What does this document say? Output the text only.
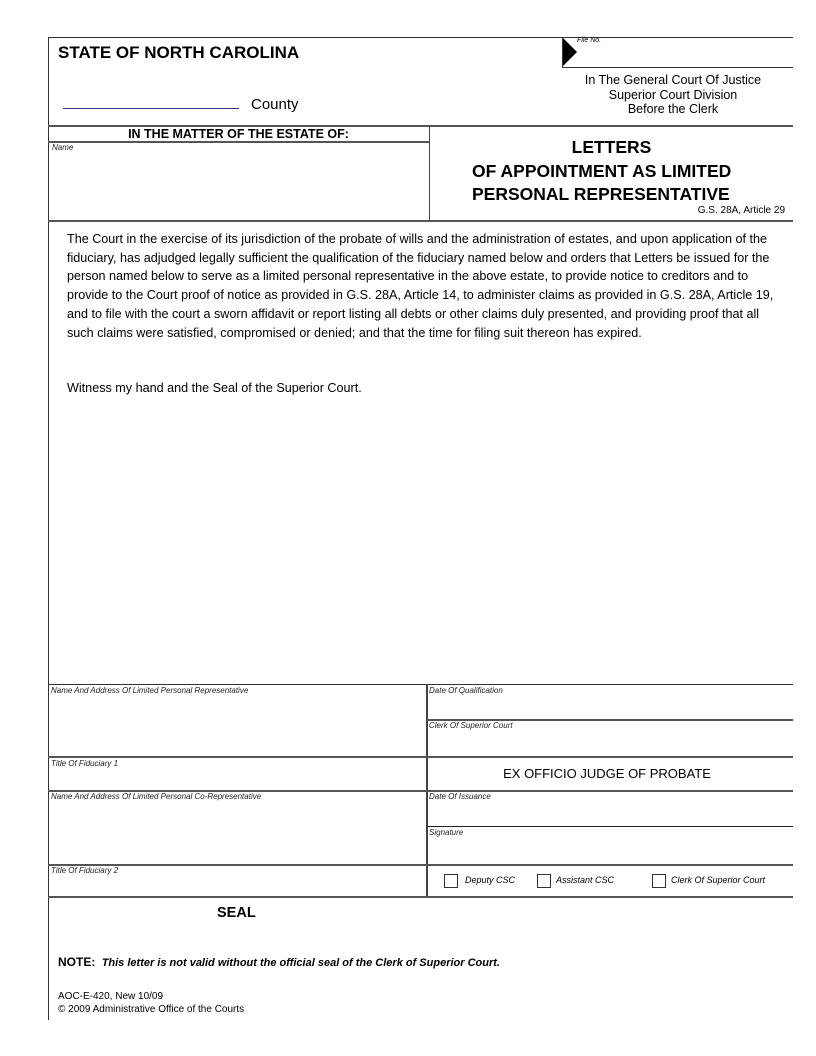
STATE OF NORTH CAROLINA
County
File No.
In The General Court Of Justice
Superior Court Division
Before the Clerk
IN THE MATTER OF THE ESTATE OF:
Name	LETTERS
OF APPOINTMENT AS LIMITED
PERSONAL REPRESENTATIVE
G.S. 28A, Article 29

The Court in the exercise of its jurisdiction of the probate of wills and the administration of estates, and upon application of the fiduciary, has adjudged legally sufficient the qualification of the fiduciary named below and orders that Letters be issued for the person named below to serve as a limited personal representative in the above estate, to provide notice to creditors and to provide to the Court proof of notice as provided in G.S. 28A, Article 14, to administer claims as provided in G.S. 28A, Article 19, and to file with the court a sworn affidavit or report listing all debts or other claims duly presented, and providing proof that all such claims were satisfied, compromised or denied; and that the time for filing suit thereon has expired.

Witness my hand and the Seal of the Superior Court.

Name And Address Of Limited Personal Representative	Date Of Qualification
Clerk Of Superior Court
Title Of Fiduciary 1
EX OFFICIO JUDGE OF PROBATE
Name And Address Of Limited Personal Co-Representative	Date Of Issuance
Signature
Title Of Fiduciary 2
Deputy CSC	Assistant CSC	Clerk Of Superior Court
SEAL
NOTE: This letter is not valid without the official seal of the Clerk of Superior Court.
AOC-E-420, New 10/09
© 2009 Administrative Office of the Courts
